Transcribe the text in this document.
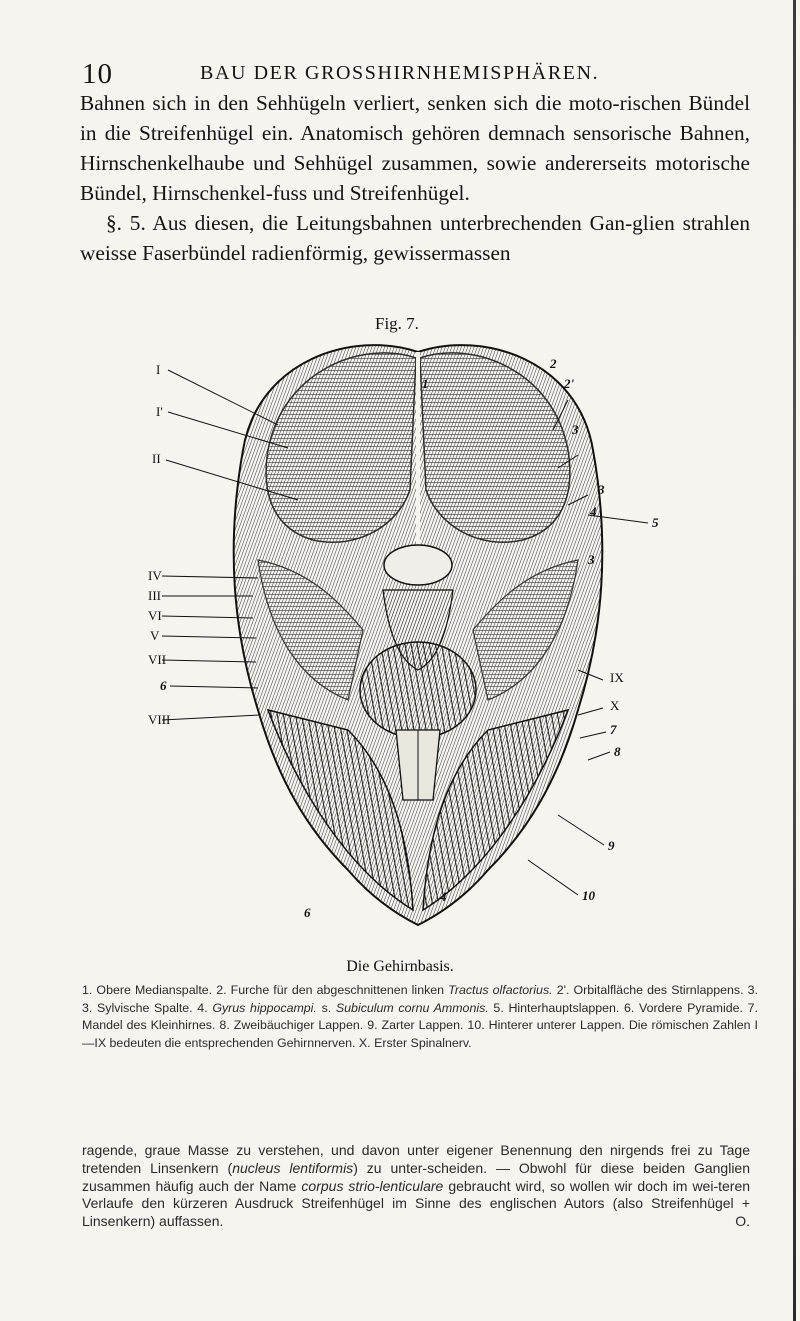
10	BAU DER GROSSHIRNHEMISPHÄREN.

Bahnen sich in den Sehhügeln verliert, senken sich die moto-rischen Bündel in die Streifenhügel ein. Anatomisch gehören demnach sensorische Bahnen, Hirnschenkelhaube und Sehhügel zusammen, sowie andererseits motorische Bündel, Hirnschenkel-fuss und Streifenhügel.

§. 5. Aus diesen, die Leitungsbahnen unterbrechenden Gan-glien strahlen weisse Faserbündel radienförmig, gewissermassen

Fig. 7.
I
I'
II
IV
III
VI
V
VII
6
VIII
1
2
2'
3
3
4
5
3
IX
X
7
8
9
10
4
6
Die Gehirnbasis.
1. Obere Medianspalte. 2. Furche für den abgeschnittenen linken Tractus olfactorius. 2'. Orbitalfläche des Stirnlappens. 3. 3. Sylvische Spalte. 4. Gyrus hippocampi. s. Subiculum cornu Ammonis. 5. Hinterhauptslappen. 6. Vordere Pyramide. 7. Mandel des Kleinhirnes. 8. Zweibäuchiger Lappen. 9. Zarter Lappen. 10. Hinterer unterer Lappen. Die römischen Zahlen I—IX bedeuten die entsprechenden Gehirnnerven. X. Erster Spinalnerv.

ragende, graue Masse zu verstehen, und davon unter eigener Benennung den nirgends frei zu Tage tretenden Linsenkern (nucleus lentiformis) zu unter-scheiden. — Obwohl für diese beiden Ganglien zusammen häufig auch der Name corpus strio-lenticulare gebraucht wird, so wollen wir doch im wei-teren Verlaufe den kürzeren Ausdruck Streifenhügel im Sinne des englischen Autors (also Streifenhügel + Linsenkern) auffassen.	O.
